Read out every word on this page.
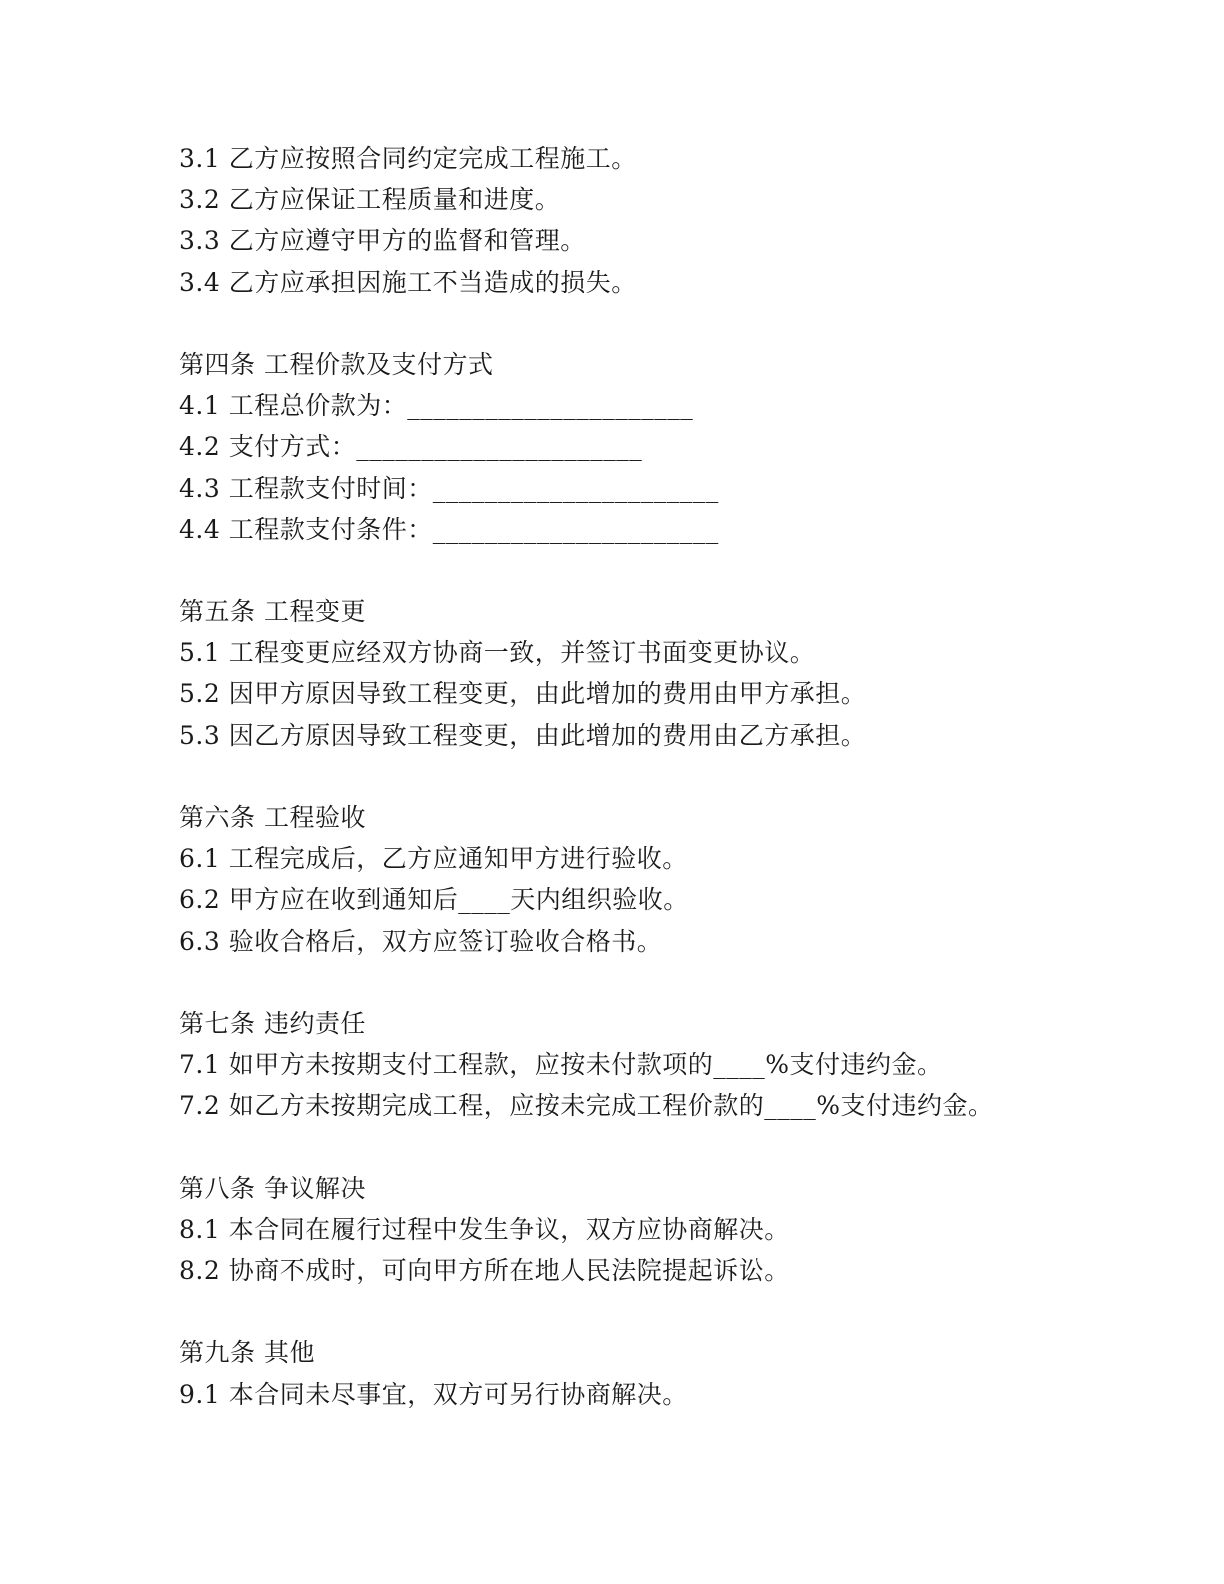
3.1 乙方应按照合同约定完成工程施工。
3.2 乙方应保证工程质量和进度。
3.3 乙方应遵守甲方的监督和管理。
3.4 乙方应承担因施工不当造成的损失。
第四条 工程价款及支付方式
4.1 工程总价款为：______________________
4.2 支付方式：______________________
4.3 工程款支付时间：______________________
4.4 工程款支付条件：______________________
第五条 工程变更
5.1 工程变更应经双方协商一致，并签订书面变更协议。
5.2 因甲方原因导致工程变更，由此增加的费用由甲方承担。
5.3 因乙方原因导致工程变更，由此增加的费用由乙方承担。
第六条 工程验收
6.1 工程完成后，乙方应通知甲方进行验收。
6.2 甲方应在收到通知后____天内组织验收。
6.3 验收合格后，双方应签订验收合格书。
第七条 违约责任
7.1 如甲方未按期支付工程款，应按未付款项的____%支付违约金。
7.2 如乙方未按期完成工程，应按未完成工程价款的____%支付违约金。
第八条 争议解决
8.1 本合同在履行过程中发生争议，双方应协商解决。
8.2 协商不成时，可向甲方所在地人民法院提起诉讼。
第九条 其他
9.1 本合同未尽事宜，双方可另行协商解决。
